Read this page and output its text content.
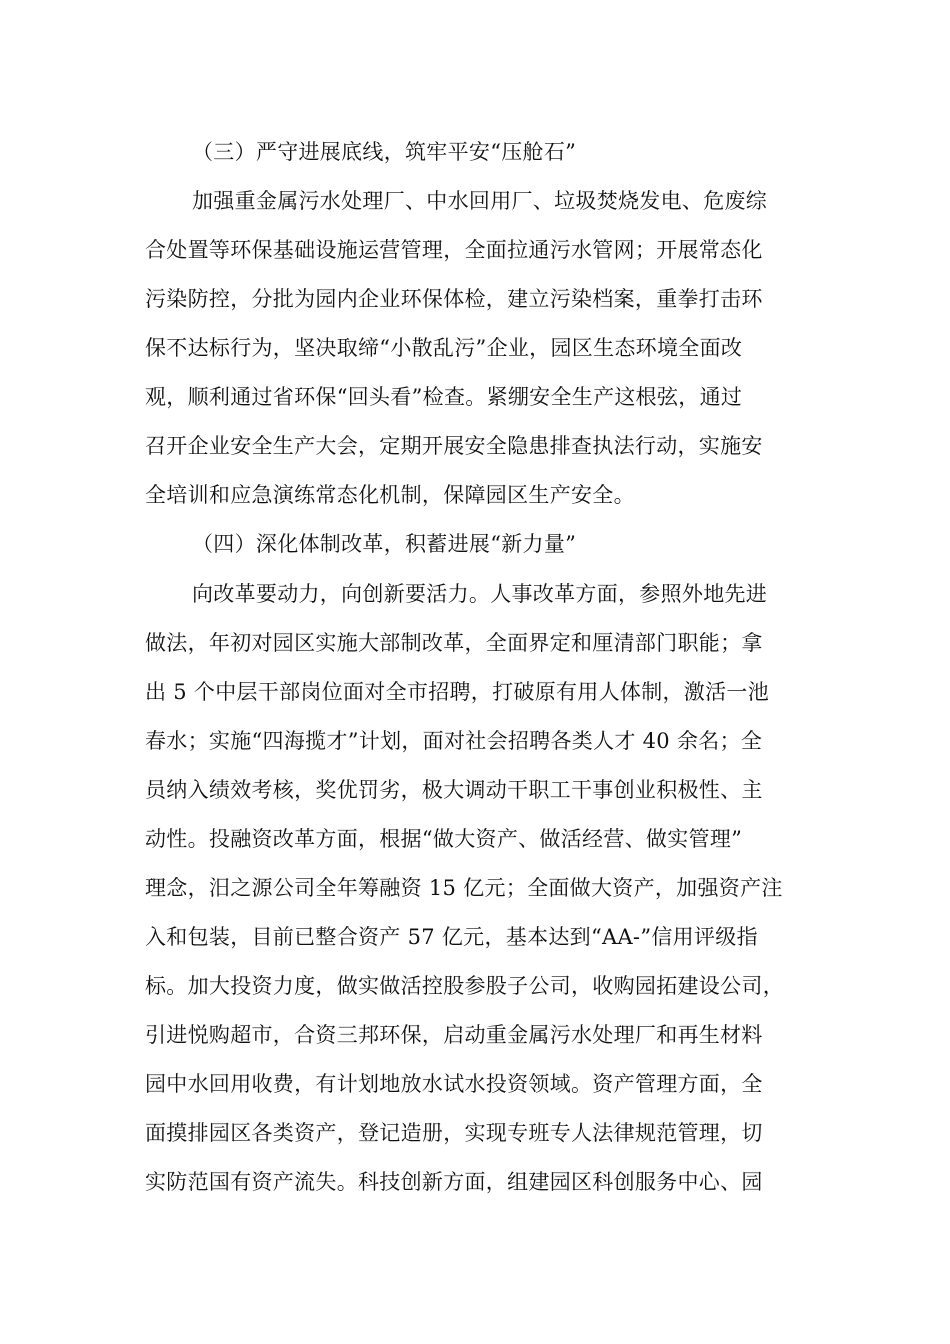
（三）严守进展底线，筑牢平安“压舱石”
加强重金属污水处理厂、中水回用厂、垃圾焚烧发电、危废综
合处置等环保基础设施运营管理，全面拉通污水管网；开展常态化
污染防控，分批为园内企业环保体检，建立污染档案，重拳打击环
保不达标行为，坚决取缔“小散乱污”企业，园区生态环境全面改
观，顺利通过省环保“回头看”检查。紧绷安全生产这根弦，通过
召开企业安全生产大会，定期开展安全隐患排查执法行动，实施安
全培训和应急演练常态化机制，保障园区生产安全。
（四）深化体制改革，积蓄进展“新力量”
向改革要动力，向创新要活力。人事改革方面，参照外地先进
做法，年初对园区实施大部制改革，全面界定和厘清部门职能；拿
出 5 个中层干部岗位面对全市招聘，打破原有用人体制，激活一池
春水；实施“四海揽才”计划，面对社会招聘各类人才 40 余名；全
员纳入绩效考核，奖优罚劣，极大调动干职工干事创业积极性、主
动性。投融资改革方面，根据“做大资产、做活经营、做实管理”
理念，汨之源公司全年筹融资 15 亿元；全面做大资产，加强资产注
入和包装，目前已整合资产 57 亿元，基本达到“AA-”信用评级指
标。加大投资力度，做实做活控股参股子公司，收购园拓建设公司，
引进悦购超市，合资三邦环保，启动重金属污水处理厂和再生材料
园中水回用收费，有计划地放水试水投资领域。资产管理方面，全
面摸排园区各类资产，登记造册，实现专班专人法律规范管理，切
实防范国有资产流失。科技创新方面，组建园区科创服务中心、园
